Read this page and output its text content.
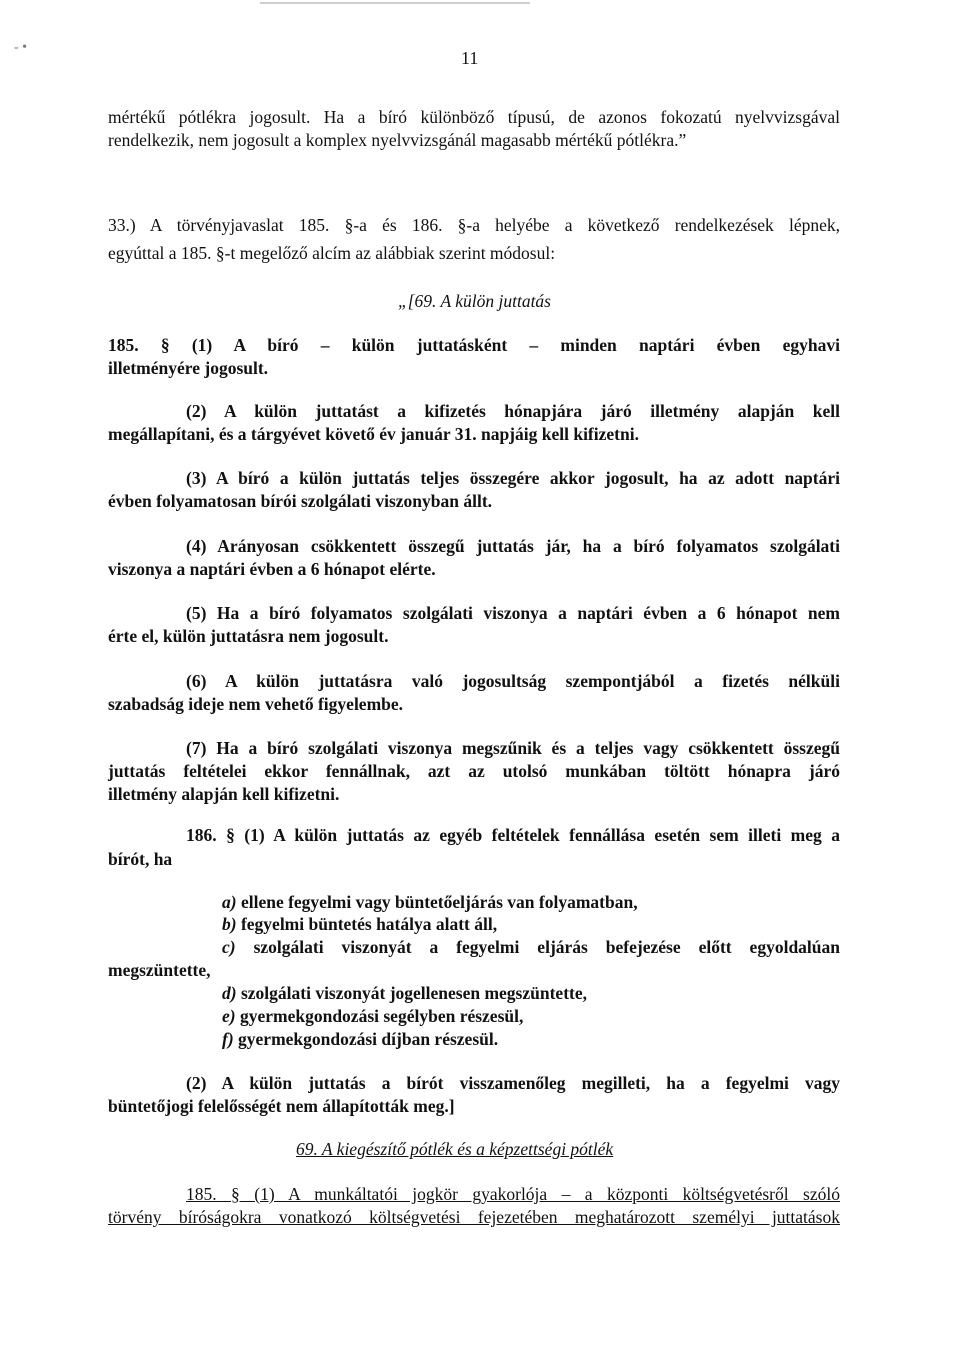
- •
11
mértékű pótlékra jogosult. Ha a bíró különböző típusú, de azonos fokozatú nyelvvizsgával
rendelkezik, nem jogosult a komplex nyelvvizsgánál magasabb mértékű pótlékra.”
33.) A törvényjavaslat 185. §-a és 186. §-a helyébe a következő rendelkezések lépnek,
egyúttal a 185. §-t megelőző alcím az alábbiak szerint módosul:
„[69. A külön juttatás
185. § (1) A bíró – külön juttatásként – minden naptári évben egyhavi
illetményére jogosult.
(2) A külön juttatást a kifizetés hónapjára járó illetmény alapján kell
megállapítani, és a tárgyévet követő év január 31. napjáig kell kifizetni.
(3) A bíró a külön juttatás teljes összegére akkor jogosult, ha az adott naptári
évben folyamatosan bírói szolgálati viszonyban állt.
(4) Arányosan csökkentett összegű juttatás jár, ha a bíró folyamatos szolgálati
viszonya a naptári évben a 6 hónapot elérte.
(5) Ha a bíró folyamatos szolgálati viszonya a naptári évben a 6 hónapot nem
érte el, külön juttatásra nem jogosult.
(6) A külön juttatásra való jogosultság szempontjából a fizetés nélküli
szabadság ideje nem vehető figyelembe.
(7) Ha a bíró szolgálati viszonya megszűnik és a teljes vagy csökkentett összegű
juttatás feltételei ekkor fennállnak, azt az utolsó munkában töltött hónapra járó
illetmény alapján kell kifizetni.
186. § (1) A külön juttatás az egyéb feltételek fennállása esetén sem illeti meg a
bírót, ha
a) ellene fegyelmi vagy büntetőeljárás van folyamatban,
b) fegyelmi büntetés hatálya alatt áll,
c) szolgálati viszonyát a fegyelmi eljárás befejezése előtt egyoldalúan
megszüntette,
d) szolgálati viszonyát jogellenesen megszüntette,
e) gyermekgondozási segélyben részesül,
f) gyermekgondozási díjban részesül.
(2) A külön juttatás a bírót visszamenőleg megilleti, ha a fegyelmi vagy
büntetőjogi felelősségét nem állapították meg.]
69. A kiegészítő pótlék és a képzettségi pótlék
185. § (1) A munkáltatói jogkör gyakorlója – a központi költségvetésről szóló
törvény bíróságokra vonatkozó költségvetési fejezetében meghatározott személyi juttatások
